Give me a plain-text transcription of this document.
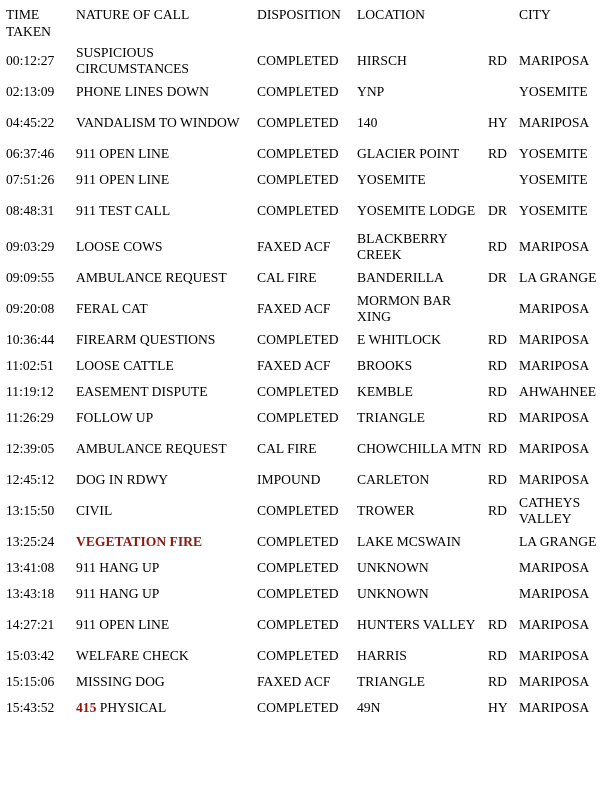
TIME TAKEN	NATURE OF CALL	DISPOSITION	LOCATION		CITY
00:12:27	SUSPICIOUS CIRCUMSTANCES	COMPLETED	HIRSCH	RD	MARIPOSA
02:13:09	PHONE LINES DOWN	COMPLETED	YNP		YOSEMITE
04:45:22	VANDALISM TO WINDOW	COMPLETED	140	HY	MARIPOSA
06:37:46	911 OPEN LINE	COMPLETED	GLACIER POINT	RD	YOSEMITE
07:51:26	911 OPEN LINE	COMPLETED	YOSEMITE		YOSEMITE
08:48:31	911 TEST CALL	COMPLETED	YOSEMITE LODGE	DR	YOSEMITE
09:03:29	LOOSE COWS	FAXED ACF	BLACKBERRY CREEK	RD	MARIPOSA
09:09:55	AMBULANCE REQUEST	CAL FIRE	BANDERILLA	DR	LA GRANGE
09:20:08	FERAL CAT	FAXED ACF	MORMON BAR XING		MARIPOSA
10:36:44	FIREARM QUESTIONS	COMPLETED	E WHITLOCK	RD	MARIPOSA
11:02:51	LOOSE CATTLE	FAXED ACF	BROOKS	RD	MARIPOSA
11:19:12	EASEMENT DISPUTE	COMPLETED	KEMBLE	RD	AHWAHNEE
11:26:29	FOLLOW UP	COMPLETED	TRIANGLE	RD	MARIPOSA
12:39:05	AMBULANCE REQUEST	CAL FIRE	CHOWCHILLA MTN	RD	MARIPOSA
12:45:12	DOG IN RDWY	IMPOUND	CARLETON	RD	MARIPOSA
13:15:50	CIVIL	COMPLETED	TROWER	RD	CATHEYS VALLEY
13:25:24	VEGETATION FIRE	COMPLETED	LAKE MCSWAIN		LA GRANGE
13:41:08	911 HANG UP	COMPLETED	UNKNOWN		MARIPOSA
13:43:18	911 HANG UP	COMPLETED	UNKNOWN		MARIPOSA
14:27:21	911 OPEN LINE	COMPLETED	HUNTERS VALLEY	RD	MARIPOSA
15:03:42	WELFARE CHECK	COMPLETED	HARRIS	RD	MARIPOSA
15:15:06	MISSING DOG	FAXED ACF	TRIANGLE	RD	MARIPOSA
15:43:52	415 PHYSICAL	COMPLETED	49N	HY	MARIPOSA
